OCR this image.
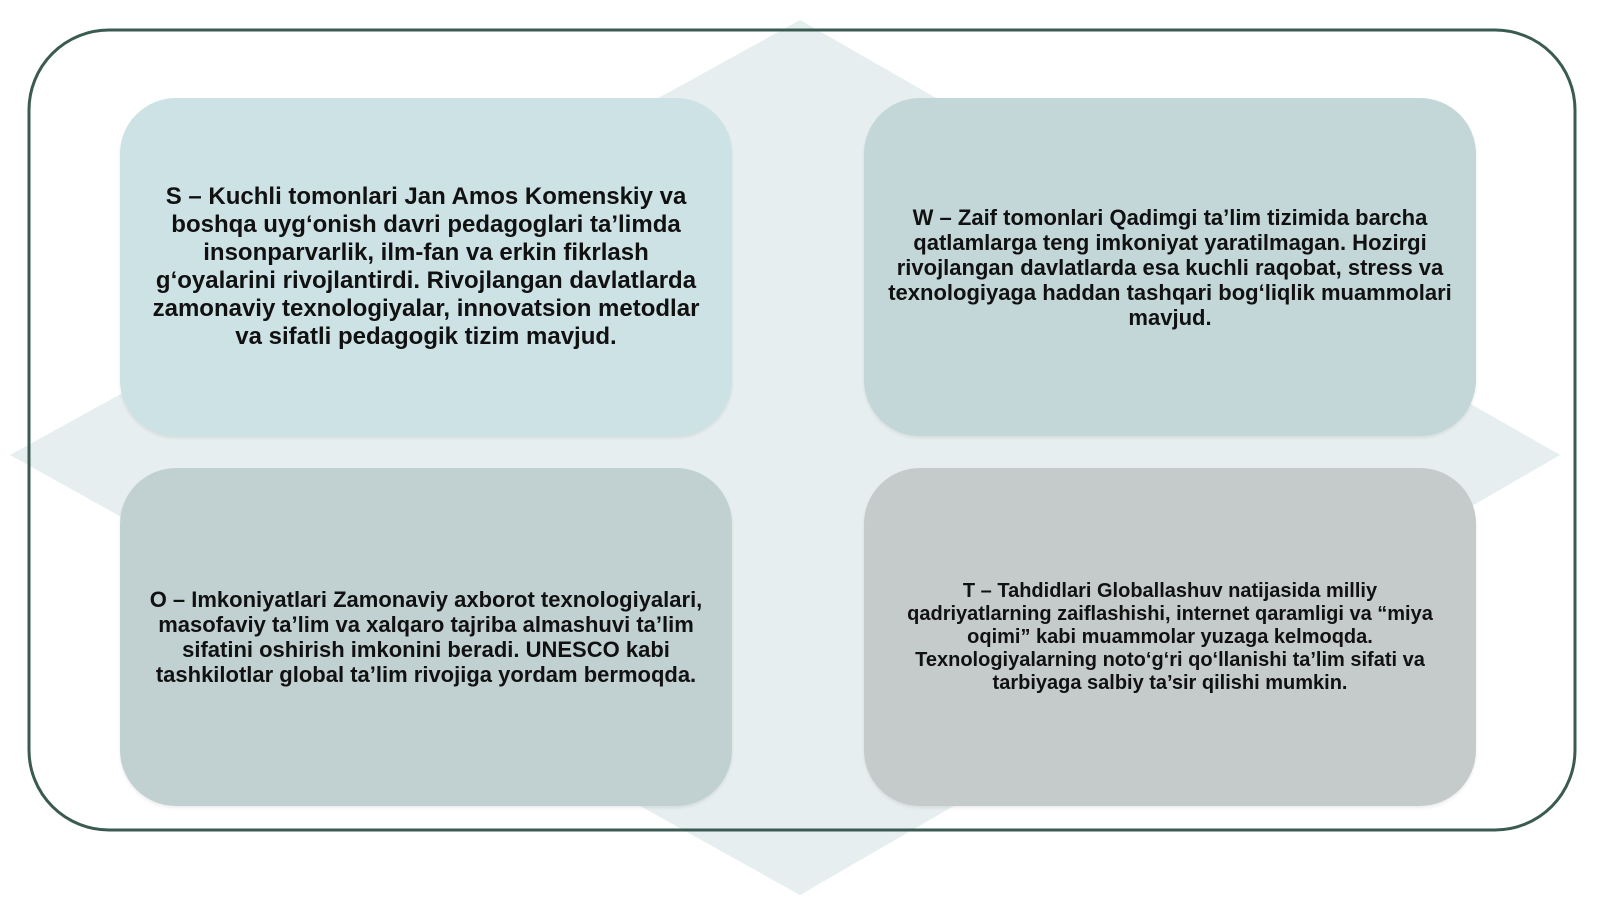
S – Kuchli tomonlari Jan Amos Komenskiy va boshqa uyg‘onish davri pedagoglari ta’limda insonparvarlik, ilm-fan va erkin fikrlash g‘oyalarini rivojlantirdi. Rivojlangan davlatlarda zamonaviy texnologiyalar, innovatsion metodlar va sifatli pedagogik tizim mavjud.
W – Zaif tomonlari Qadimgi ta’lim tizimida barcha qatlamlarga teng imkoniyat yaratilmagan. Hozirgi rivojlangan davlatlarda esa kuchli raqobat, stress va texnologiyaga haddan tashqari bog‘liqlik muammolari mavjud.
O – Imkoniyatlari Zamonaviy axborot texnologiyalari, masofaviy ta’lim va xalqaro tajriba almashuvi ta’lim sifatini oshirish imkonini beradi. UNESCO kabi tashkilotlar global ta’lim rivojiga yordam bermoqda.
T – Tahdidlari Globallashuv natijasida milliy qadriyatlarning zaiflashishi, internet qaramligi va “miya oqimi” kabi muammolar yuzaga kelmoqda. Texnologiyalarning noto‘g‘ri qo‘llanishi ta’lim sifati va tarbiyaga salbiy ta’sir qilishi mumkin.
